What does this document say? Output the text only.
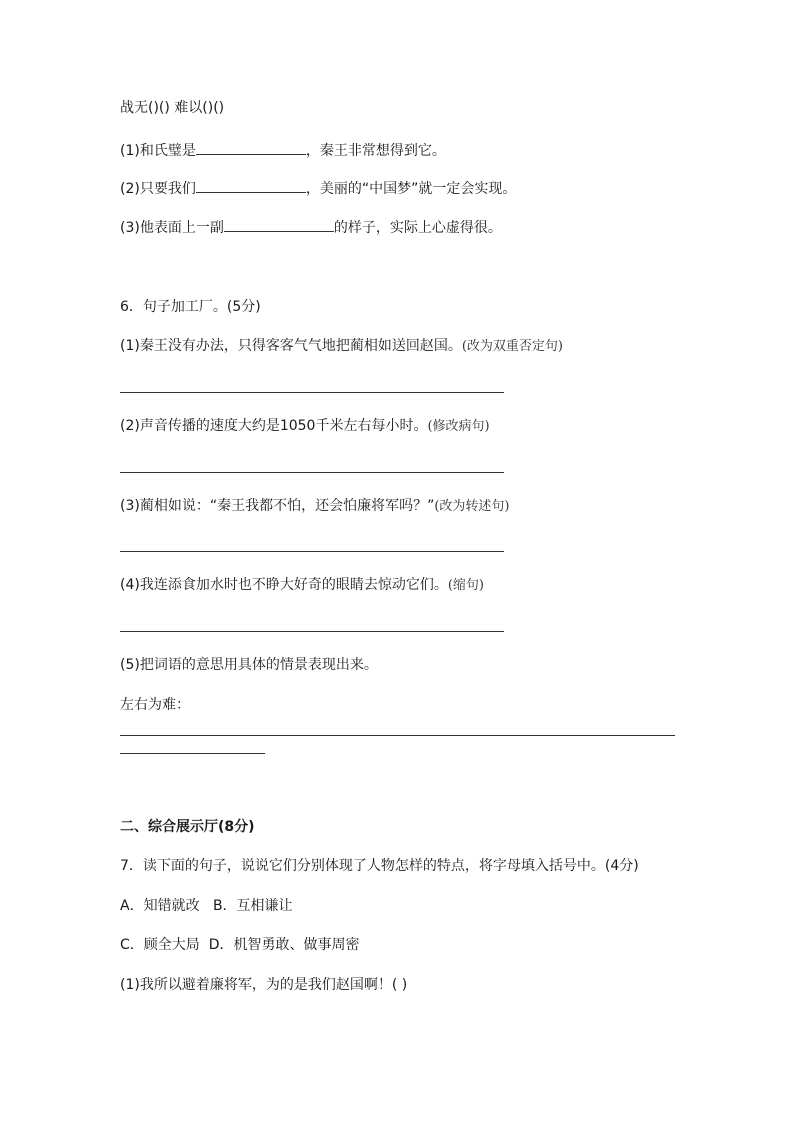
战无()() 难以()()
(1)和氏璧是	，秦王非常想得到它。
(2)只要我们	，美丽的“中国梦”就一定会实现。
(3)他表面上一副	的样子，实际上心虚得很。
6．句子加工厂。(5分)
(1)秦王没有办法，只得客客气气地把蔺相如送回赵国。(改为双重否定句)
(2)声音传播的速度大约是1050千米左右每小时。(修改病句)
(3)蔺相如说：“秦王我都不怕，还会怕廉将军吗？”(改为转述句)
(4)我连添食加水时也不睁大好奇的眼睛去惊动它们。(缩句)
(5)把词语的意思用具体的情景表现出来。
左右为难：
二、综合展示厅(8分)
7．读下面的句子，说说它们分别体现了人物怎样的特点，将字母填入括号中。(4分)
A．知错就改 B．互相谦让
C．顾全大局 D．机智勇敢、做事周密
(1)我所以避着廉将军，为的是我们赵国啊！( )
